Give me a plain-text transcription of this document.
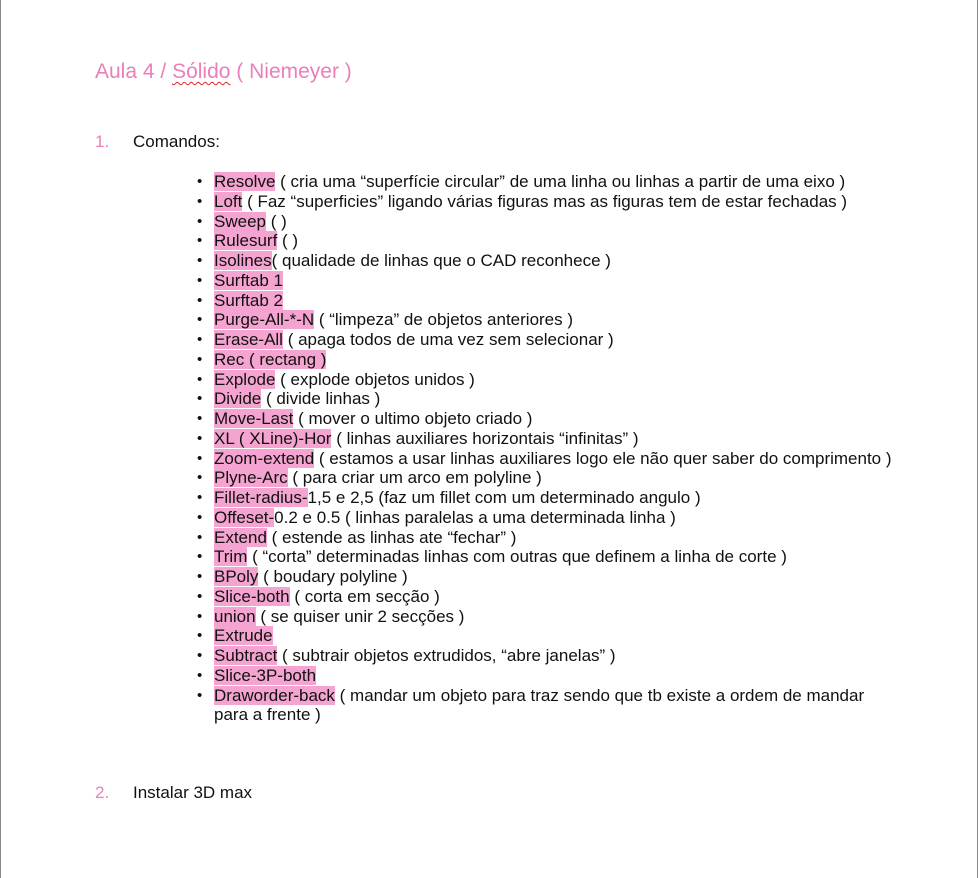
Aula 4 / Sólido ( Niemeyer )
1. Comandos:
• Resolve ( cria uma “superfície circular” de uma linha ou linhas a partir de uma eixo )
• Loft ( Faz “superficies” ligando várias figuras mas as figuras tem de estar fechadas )
• Sweep ( )
• Rulesurf ( )
• Isolines( qualidade de linhas que o CAD reconhece )
• Surftab 1
• Surftab 2
• Purge-All-*-N ( “limpeza” de objetos anteriores )
• Erase-All ( apaga todos de uma vez sem selecionar )
• Rec ( rectang )
• Explode ( explode objetos unidos )
• Divide ( divide linhas )
• Move-Last ( mover o ultimo objeto criado )
• XL ( XLine)-Hor ( linhas auxiliares horizontais “infinitas” )
• Zoom-extend ( estamos a usar linhas auxiliares logo ele não quer saber do comprimento )
• Plyne-Arc ( para criar um arco em polyline )
• Fillet-radius-1,5 e 2,5 (faz um fillet com um determinado angulo )
• Offeset-0.2 e 0.5 ( linhas paralelas a uma determinada linha )
• Extend ( estende as linhas ate “fechar” )
• Trim ( “corta” determinadas linhas com outras que definem a linha de corte )
• BPoly ( boudary polyline )
• Slice-both ( corta em secção )
• union ( se quiser unir 2 secções )
• Extrude
• Subtract ( subtrair objetos extrudidos, “abre janelas” )
• Slice-3P-both
• Draworder-back ( mandar um objeto para traz sendo que tb existe a ordem de mandar para a frente )
2. Instalar 3D max
